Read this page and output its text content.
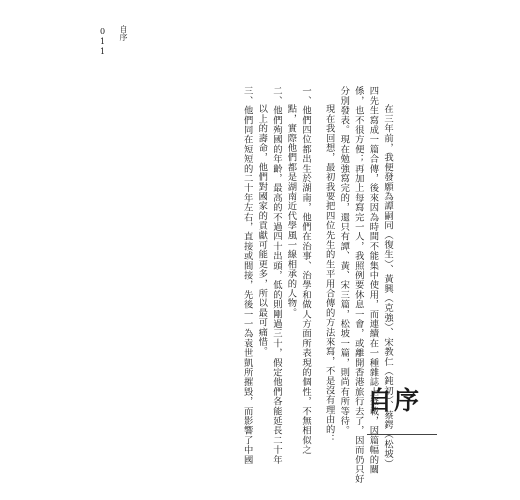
011 自序
在三年前，我便發願為譚嗣同（復生）、黃興（克強）、宋教仁（鈍初）、蔡鍔（松坡）
四先生寫成一篇合傳，後來因為時間不能集中使用，而連續在一種雜誌上登載，因篇幅的關
係，也不很方便；再加上每寫完一人，我照例要休息一會，或離開香港旅行去了，因而仍只好
分別發表。現在勉強寫完的，還只有譚、黃、宋三篇，松坡一篇，則尚有所等待。
現在我回想，最初我要把四位先生的生平用合傳的方法來寫，不是沒有理由的：
一、他們四位都出生於湖南，他們在治事、治學和做人方面所表現的個性，不無相似之
點，實際他們都是湖南近代學風一線相承的人物。
二、他們殉國的年齡，最高的不過四十出頭，低的則剛過三十，假定他們各能延長二十年
以上的壽命，他們對國家的貢獻可能更多，所以最可痛惜。
三、他們同在短短的二十年左右，直接或間接，先後一一為袁世凱所摧毀，而影響了中國	自序
